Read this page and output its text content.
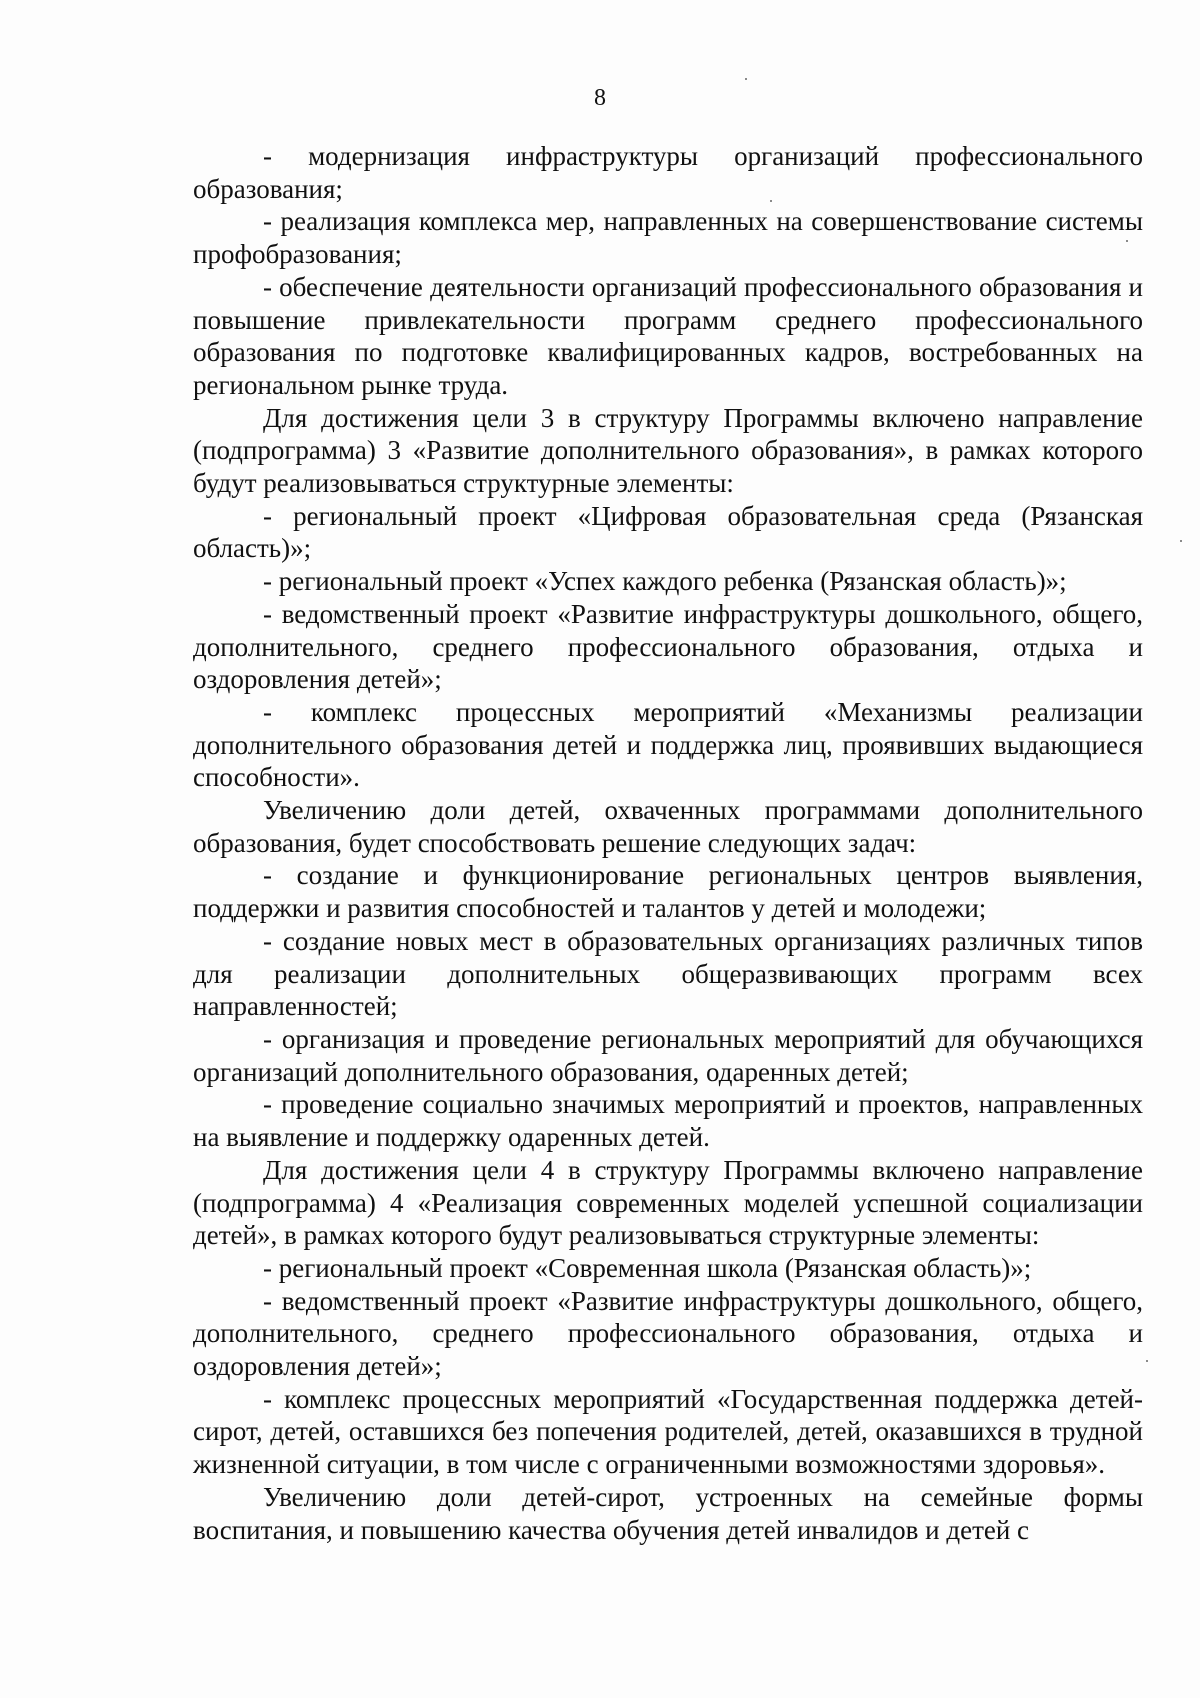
8

- модернизация инфраструктуры организаций профессионального образования;

- реализация комплекса мер, направленных на совершенствование системы профобразования;

- обеспечение деятельности организаций профессионального образования и повышение привлекательности программ среднего профессионального образования по подготовке квалифицированных кадров, востребованных на региональном рынке труда.

Для достижения цели 3 в структуру Программы включено направление (подпрограмма) 3 «Развитие дополнительного образования», в рамках которого будут реализовываться структурные элементы:

- региональный проект «Цифровая образовательная среда (Рязанская область)»;

- региональный проект «Успех каждого ребенка (Рязанская область)»;

- ведомственный проект «Развитие инфраструктуры дошкольного, общего, дополнительного, среднего профессионального образования, отдыха и оздоровления детей»;

- комплекс процессных мероприятий «Механизмы реализации дополнительного образования детей и поддержка лиц, проявивших выдающиеся способности».

Увеличению доли детей, охваченных программами дополнительного образования, будет способствовать решение следующих задач:

- создание и функционирование региональных центров выявления, поддержки и развития способностей и талантов у детей и молодежи;

- создание новых мест в образовательных организациях различных типов для реализации дополнительных общеразвивающих программ всех направленностей;

- организация и проведение региональных мероприятий для обучающихся организаций дополнительного образования, одаренных детей;

- проведение социально значимых мероприятий и проектов, направленных на выявление и поддержку одаренных детей.

Для достижения цели 4 в структуру Программы включено направление (подпрограмма) 4 «Реализация современных моделей успешной социализации детей», в рамках которого будут реализовываться структурные элементы:

- региональный проект «Современная школа (Рязанская область)»;

- ведомственный проект «Развитие инфраструктуры дошкольного, общего, дополнительного, среднего профессионального образования, отдыха и оздоровления детей»;

- комплекс процессных мероприятий «Государственная поддержка детей-сирот, детей, оставшихся без попечения родителей, детей, оказавшихся в трудной жизненной ситуации, в том числе с ограниченными возможностями здоровья».

Увеличению доли детей-сирот, устроенных на семейные формы воспитания, и повышению качества обучения детей инвалидов и детей с
